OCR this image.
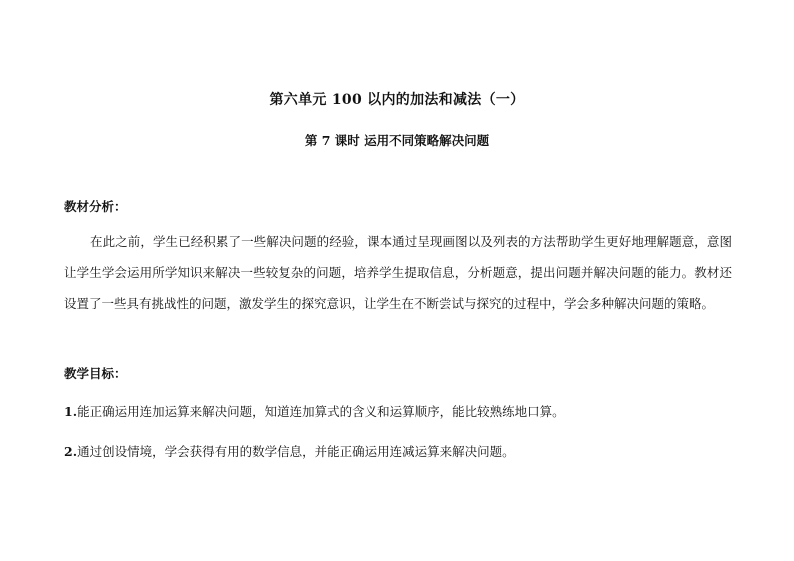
第六单元 100 以内的加法和减法（一）
第 7 课时 运用不同策略解决问题
教材分析：
在此之前，学生已经积累了一些解决问题的经验，课本通过呈现画图以及列表的方法帮助学生更好地理解题意，意图让学生学会运用所学知识来解决一些较复杂的问题，培养学生提取信息，分析题意，提出问题并解决问题的能力。教材还设置了一些具有挑战性的问题，激发学生的探究意识，让学生在不断尝试与探究的过程中，学会多种解决问题的策略。
教学目标：
1.能正确运用连加运算来解决问题，知道连加算式的含义和运算顺序，能比较熟练地口算。
2.通过创设情境，学会获得有用的数学信息，并能正确运用连减运算来解决问题。
